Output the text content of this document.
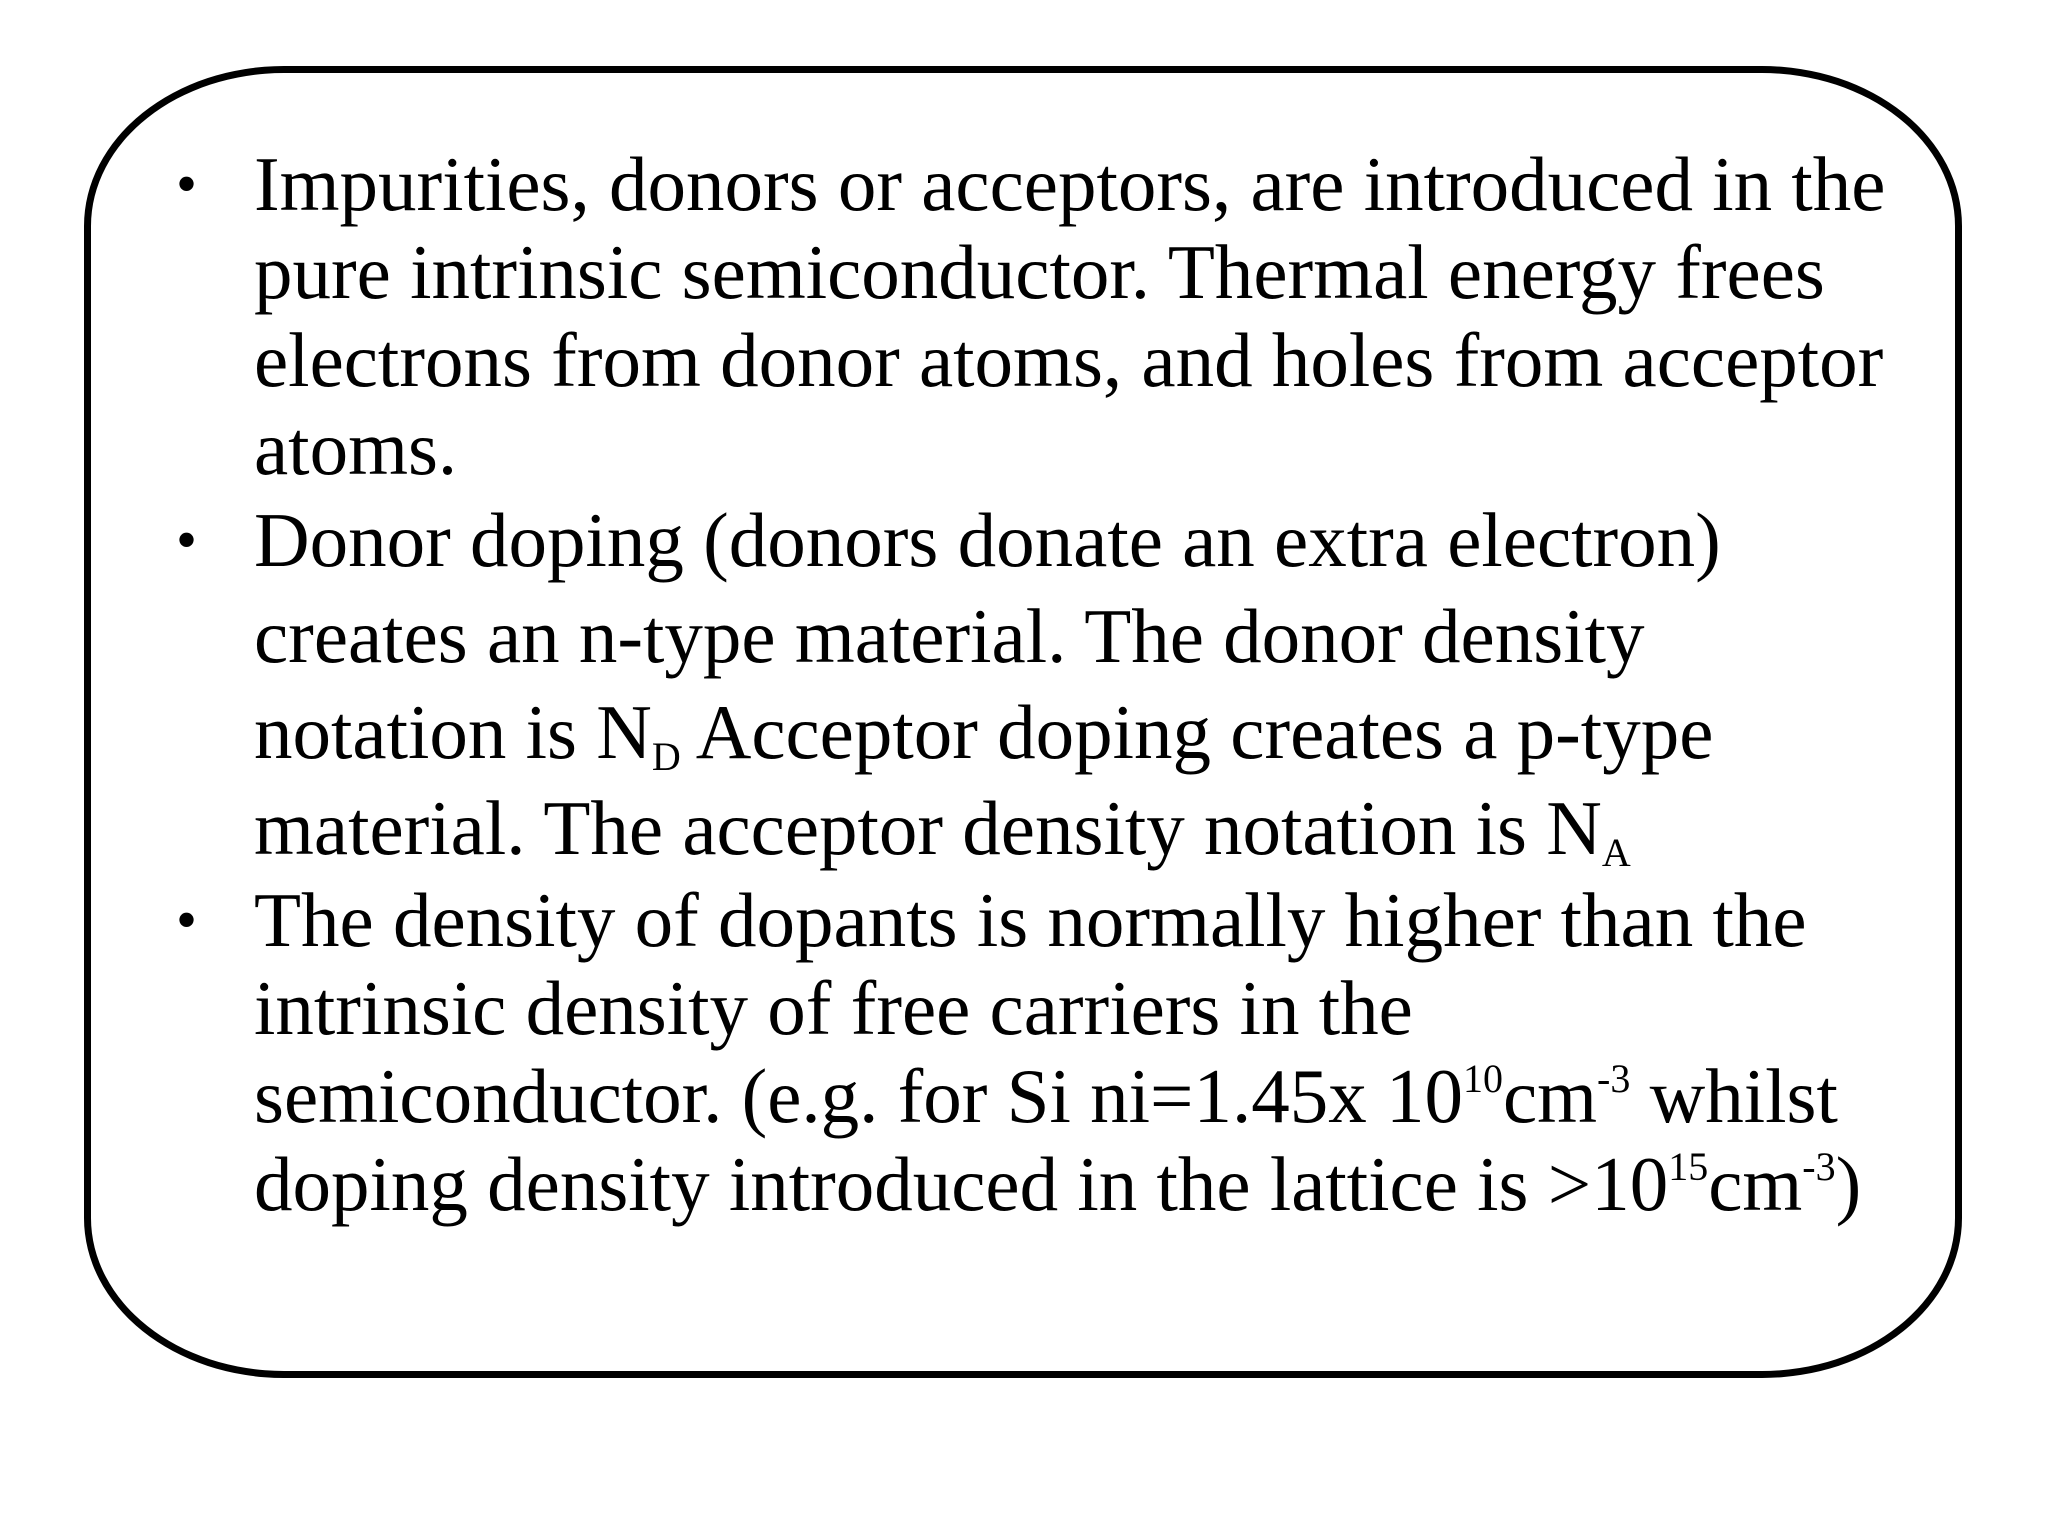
• Impurities, donors or acceptors, are introduced in the pure intrinsic semiconductor. Thermal energy frees electrons from donor atoms, and holes from acceptor atoms.
• Donor doping (donors donate an extra electron) creates an n-type material. The donor density notation is $N_D$ Acceptor doping creates a p-type material. The acceptor density notation is $N_A$
• The density of dopants is normally higher than the intrinsic density of free carriers in the semiconductor. (e.g. for Si ni=1.45x $10^{10}cm^{-3}$ whilst doping density introduced in the lattice is $>10^{15}cm^{-3}$)
